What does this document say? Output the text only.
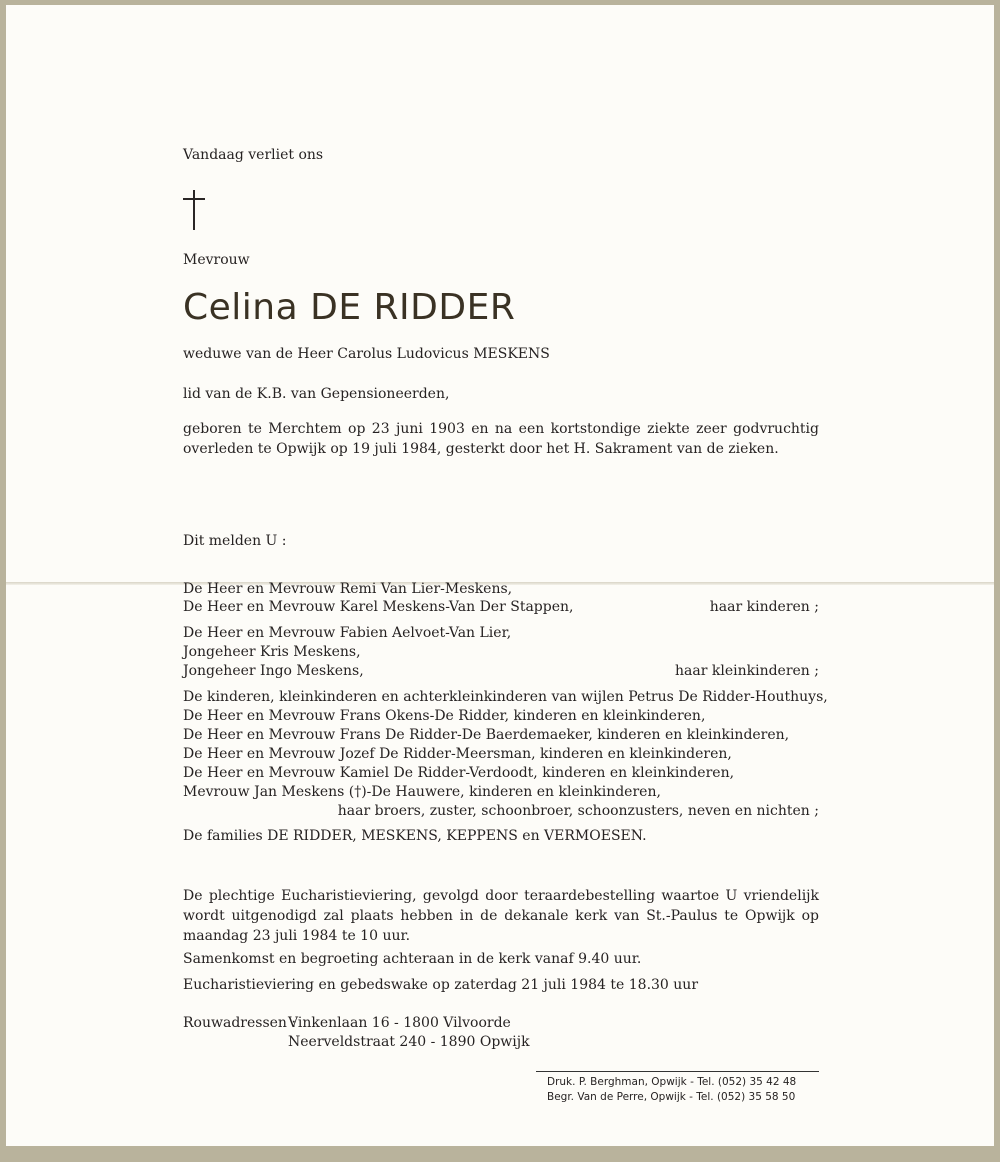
Vandaag verliet ons
Mevrouw
Celina DE RIDDER
weduwe van de Heer Carolus Ludovicus MESKENS
lid van de K.B. van Gepensioneerden,
geboren te Merchtem op 23 juni 1903 en na een kortstondige ziekte zeer godvruchtig overleden te Opwijk op 19 juli 1984, gesterkt door het H. Sakrament van de zieken.
Dit melden U :
De Heer en Mevrouw Remi Van Lier-Meskens,
De Heer en Mevrouw Karel Meskens-Van Der Stappen,	haar kinderen ;
De Heer en Mevrouw Fabien Aelvoet-Van Lier,
Jongeheer Kris Meskens,
Jongeheer Ingo Meskens,	haar kleinkinderen ;
De kinderen, kleinkinderen en achterkleinkinderen van wijlen Petrus De Ridder-Houthuys,
De Heer en Mevrouw Frans Okens-De Ridder, kinderen en kleinkinderen,
De Heer en Mevrouw Frans De Ridder-De Baerdemaeker, kinderen en kleinkinderen,
De Heer en Mevrouw Jozef De Ridder-Meersman, kinderen en kleinkinderen,
De Heer en Mevrouw Kamiel De Ridder-Verdoodt, kinderen en kleinkinderen,
Mevrouw Jan Meskens (†)-De Hauwere, kinderen en kleinkinderen,
haar broers, zuster, schoonbroer, schoonzusters, neven en nichten ;
De families DE RIDDER, MESKENS, KEPPENS en VERMOESEN.
De plechtige Eucharistieviering, gevolgd door teraardebestelling waartoe U vriendelijk wordt uitgenodigd zal plaats hebben in de dekanale kerk van St.-Paulus te Opwijk op maandag 23 juli 1984 te 10 uur.
Samenkomst en begroeting achteraan in de kerk vanaf 9.40 uur.
Eucharistieviering en gebedswake op zaterdag 21 juli 1984 te 18.30 uur
Rouwadressen :
Vinkenlaan 16 - 1800 Vilvoorde
Neerveldstraat 240 - 1890 Opwijk
Druk. P. Berghman, Opwijk - Tel. (052) 35 42 48
Begr. Van de Perre, Opwijk - Tel. (052) 35 58 50
